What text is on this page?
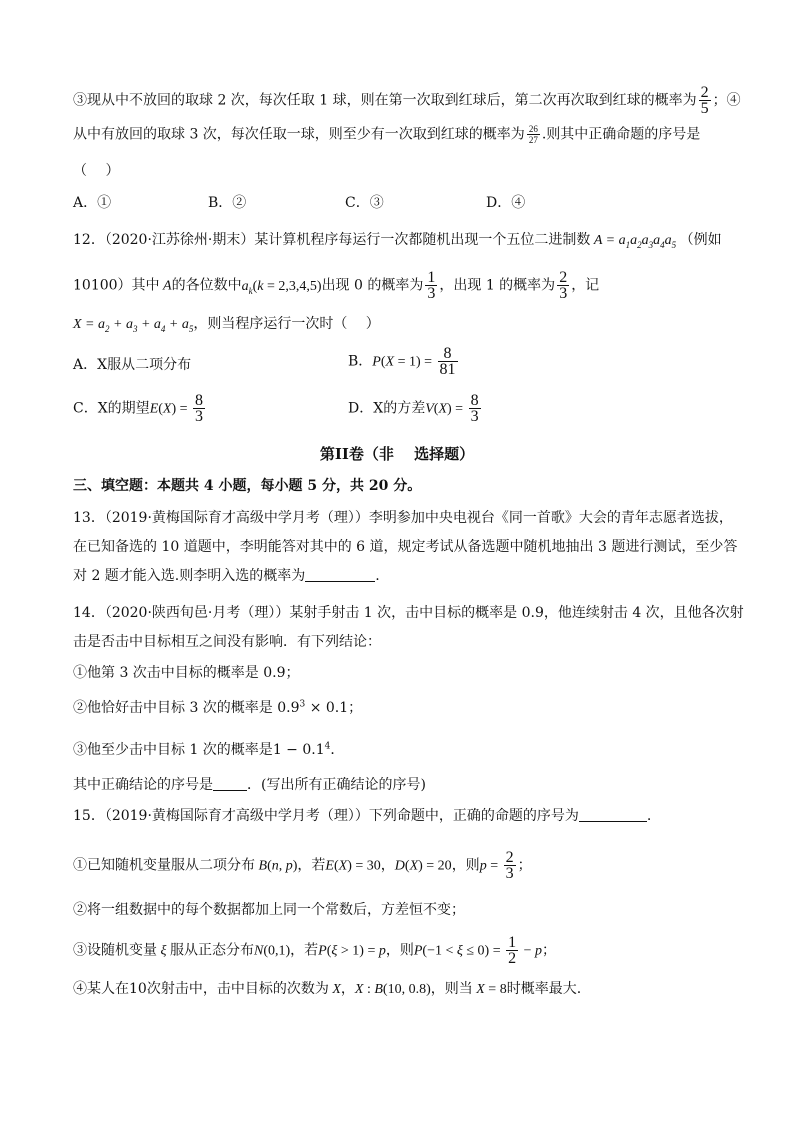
③现从中不放回的取球 2 次，每次任取 1 球，则在第一次取到红球后，第二次再次取到红球的概率为 $\frac{2}{5}$ ；④
从中有放回的取球 3 次，每次任取一球，则至少有一次取到红球的概率为 $\frac{26}{27}$ .则其中正确命题的序号是
（　 ）
A．①	B．②	C．③	D．④
12．（2020·江苏徐州·期末）某计算机程序每运行一次都随机出现一个五位二进制数 $A = a_1a_2a_3a_4a_5$ （例如
10100）其中 A的各位数中$a_k(k = 2,3,4,5)$出现 0 的概率为 $\frac{1}{3}$ ，出现 1 的概率为 $\frac{2}{3}$ ，记
$X = a_2 + a_3 + a_4 + a_5$，则当程序运行一次时（　 ）
A．X服从二项分布	B．$P(X = 1) = \frac{8}{81}$
C．X的期望$E(X) = \frac{8}{3}$	D．X的方差$V(X) = \frac{8}{3}$
第II卷（非　 选择题）
三、填空题：本题共 4 小题，每小题 5 分，共 20 分。
13．（2019·黄梅国际育才高级中学月考（理））李明参加中央电视台《同一首歌》大会的青年志愿者选拔，
在已知备选的 10 道题中，李明能答对其中的 6 道，规定考试从备选题中随机地抽出 3 题进行测试，至少答
对 2 题才能入选.则李明入选的概率为	.
14．（2020·陕西旬邑·月考（理））某射手射击 1 次，击中目标的概率是 0.9，他连续射击 4 次，且他各次射
击是否击中目标相互之间没有影响．有下列结论：
①他第 3 次击中目标的概率是 0.9；
②他恰好击中目标 3 次的概率是 $0.9^3 \times 0.1$；
③他至少击中目标 1 次的概率是$1 - 0.1^4$．
其中正确结论的序号是 ．(写出所有正确结论的序号)
15．（2019·黄梅国际育才高级中学月考（理））下列命题中，正确的命题的序号为	.
①已知随机变量服从二项分布 B(n, p)，若E(X) = 30，D(X) = 20，则$p = \frac{2}{3}$ ；
②将一组数据中的每个数据都加上同一个常数后，方差恒不变；
③设随机变量 ξ 服从正态分布N(0,1)，若P(ξ > 1) = p，则$P(-1 < \xi \le 0) = \frac{1}{2} - p$；
④某人在10次射击中，击中目标的次数为 X，X : B(10, 0.8)，则当 X = 8时概率最大.
